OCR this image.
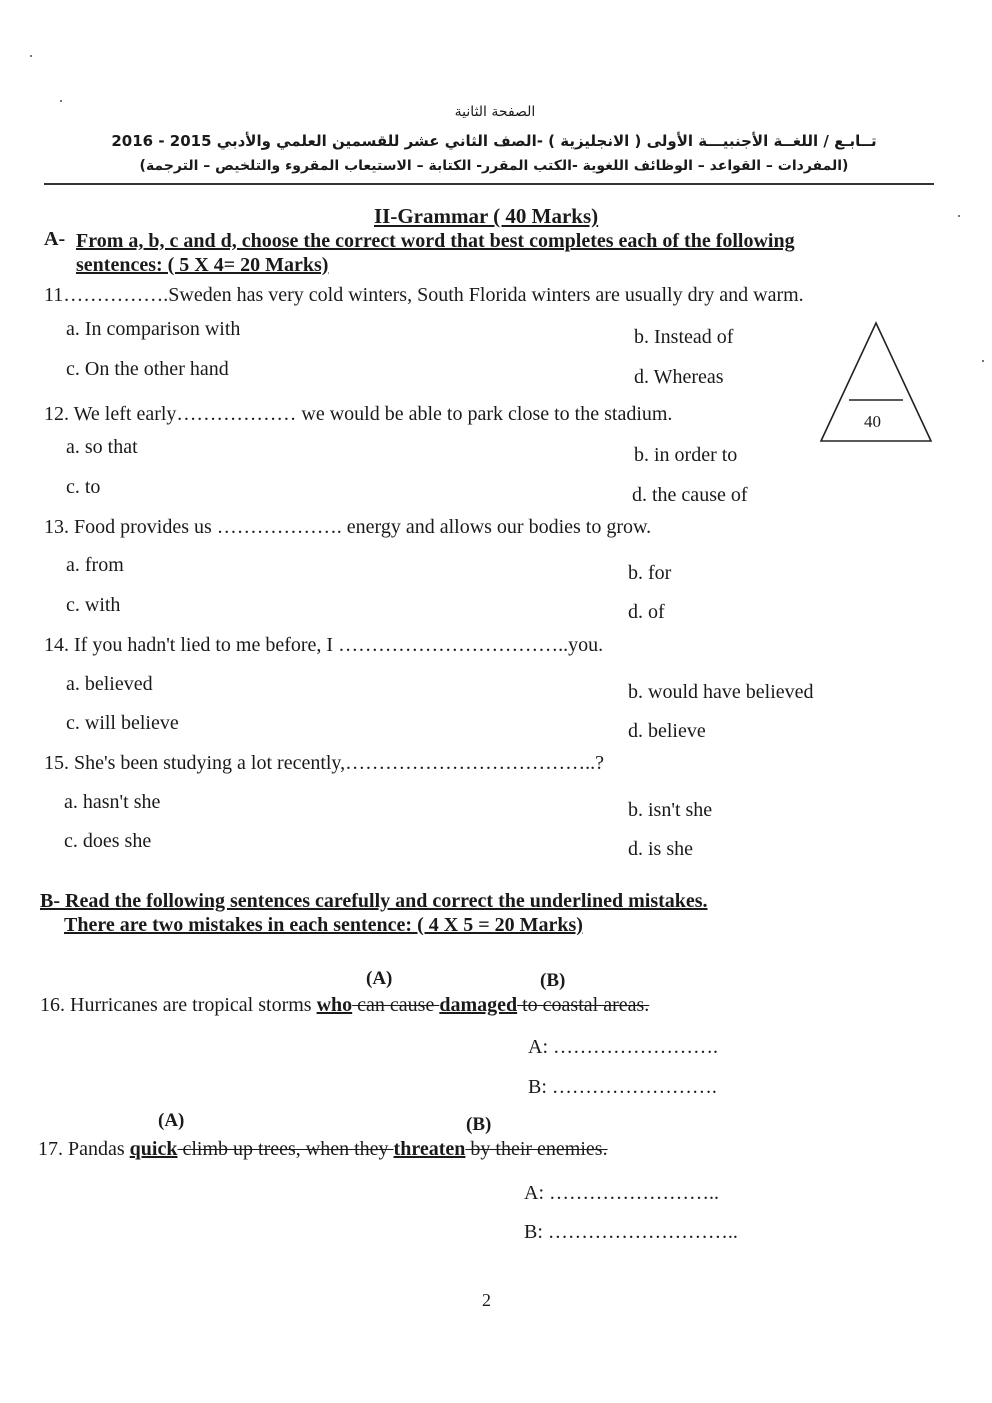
الصفحة الثانية
تــابـع / اللغــة الأجنبيـــة الأولى ( الانجليزية ) -الصف الثاني عشر للقسمين العلمي والأدبي 2015 - 2016
(المفردات – القواعد – الوظائف اللغوية -الكتب المقرر- الكتابة – الاستيعاب المقروء والتلخيص – الترجمة)
II-Grammar ( 40 Marks)
A- From a, b, c and d, choose the correct word that best completes each of the following
sentences: ( 5 X 4= 20 Marks)
40
11…………….Sweden has very cold winters, South Florida winters are usually dry and warm.
a. In comparison with	b. Instead of
c. On the other hand	d. Whereas
12. We left early……………… we would be able to park close to the stadium.
a. so that	b. in order to
c. to	d. the cause of
13. Food provides us ………………. energy and allows our bodies to grow.
a. from	b. for
c. with	d. of
14. If you hadn't lied to me before, I ……………………………..you.
a. believed	b. would have believed
c. will believe	d. believe
15. She's been studying a lot recently,………………………………..?
a. hasn't she	b. isn't she
c. does she	d. is she
B- Read the following sentences carefully and correct the underlined mistakes.
There are two mistakes in each sentence: ( 4 X 5 = 20 Marks)
(A)	(B)
16. Hurricanes are tropical storms who can cause damaged to coastal areas.
A: …………………….
B: …………………….
(A)	(B)
17. Pandas quick climb up trees, when they threaten by their enemies.
A: ……………………..
B: ………………………..
2
